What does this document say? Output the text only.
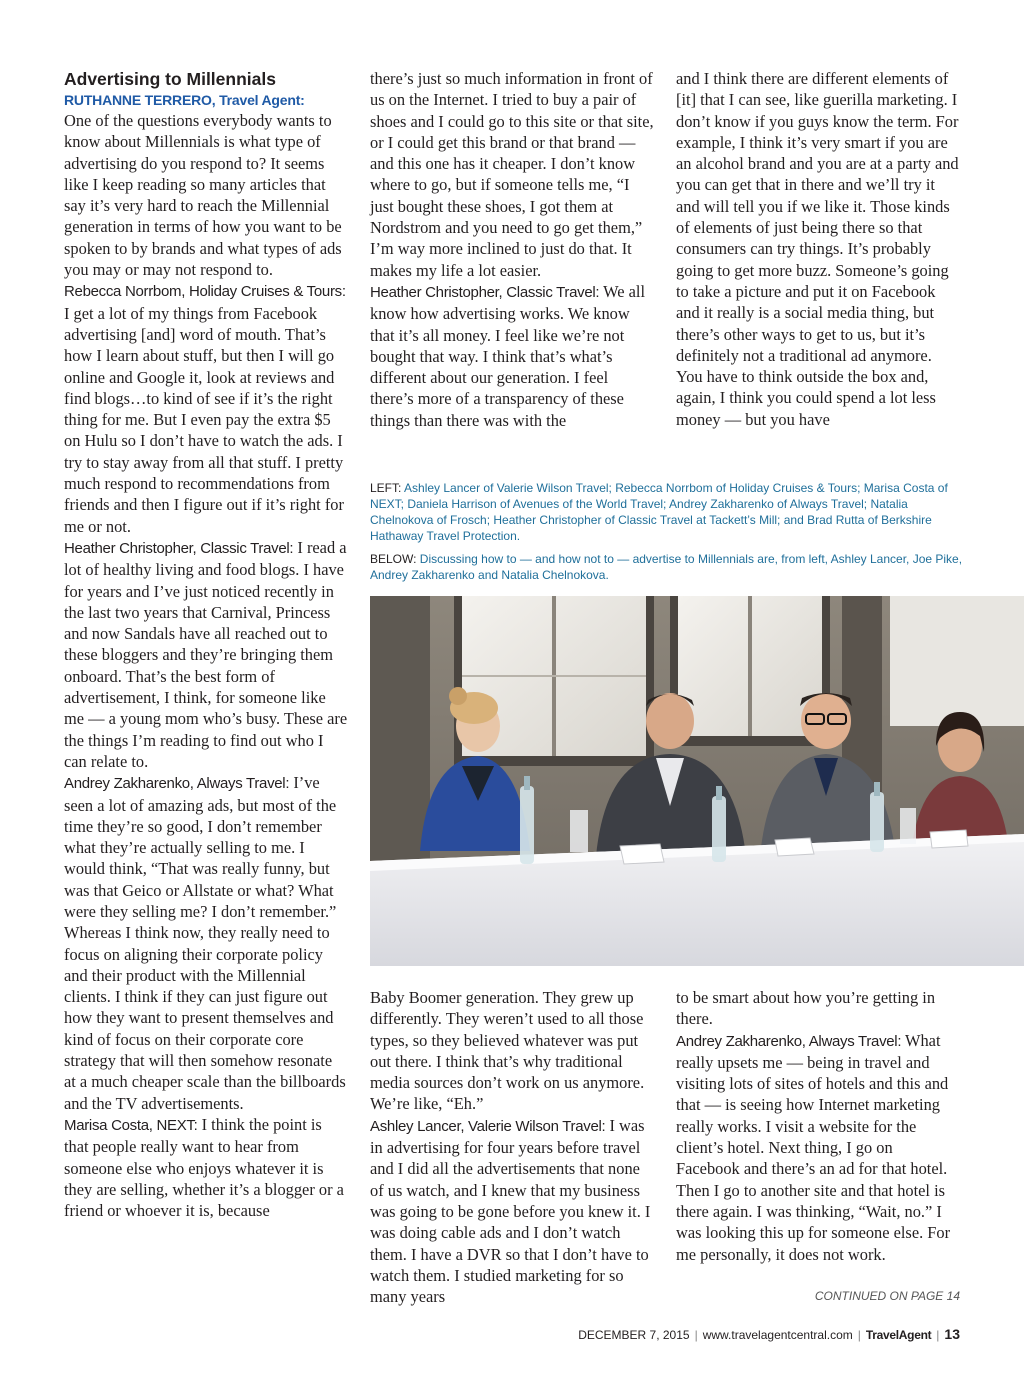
Advertising to Millennials
RUTHANNE TERRERO, Travel Agent:

One of the questions everybody wants to know about Millennials is what type of advertising do you respond to? It seems like I keep reading so many articles that say it’s very hard to reach the Millennial generation in terms of how you want to be spoken to by brands and what types of ads you may or may not respond to.

Rebecca Norrbom, Holiday Cruises & Tours: I get a lot of my things from Facebook advertising [and] word of mouth. That’s how I learn about stuff, but then I will go online and Google it, look at reviews and find blogs…to kind of see if it’s the right thing for me. But I even pay the extra $5 on Hulu so I don’t have to watch the ads. I try to stay away from all that stuff. I pretty much respond to recommendations from friends and then I figure out if it’s right for me or not.

Heather Christopher, Classic Travel: I read a lot of healthy living and food blogs. I have for years and I’ve just noticed recently in the last two years that Carnival, Princess and now Sandals have all reached out to these bloggers and they’re bringing them onboard. That’s the best form of advertisement, I think, for someone like me — a young mom who’s busy. These are the things I’m reading to find out who I can relate to.

Andrey Zakharenko, Always Travel: I’ve seen a lot of amazing ads, but most of the time they’re so good, I don’t remember what they’re actually selling to me. I would think, “That was really funny, but was that Geico or Allstate or what? What were they selling me? I don’t remember.” Whereas I think now, they really need to focus on aligning their corporate policy and their product with the Millennial clients. I think if they can just figure out how they want to present themselves and kind of focus on their corporate core strategy that will then somehow resonate at a much cheaper scale than the billboards and the TV advertisements.

Marisa Costa, NEXT: I think the point is that people really want to hear from someone else who enjoys whatever it is they are selling, whether it’s a blogger or a friend or whoever it is, because

there’s just so much information in front of us on the Internet. I tried to buy a pair of shoes and I could go to this site or that site, or I could get this brand or that brand — and this one has it cheaper. I don’t know where to go, but if someone tells me, “I just bought these shoes, I got them at Nordstrom and you need to go get them,” I’m way more inclined to just do that. It makes my life a lot easier.

Heather Christopher, Classic Travel: We all know how advertising works. We know that it’s all money. I feel like we’re not bought that way. I think that’s what’s different about our generation. I feel there’s more of a transparency of these things than there was with the

and I think there are different elements of [it] that I can see, like guerilla marketing. I don’t know if you guys know the term. For example, I think it’s very smart if you are an alcohol brand and you are at a party and you can get that in there and we’ll try it and will tell you if we like it. Those kinds of elements of just being there so that consumers can try things. It’s probably going to get more buzz. Someone’s going to take a picture and put it on Facebook and it really is a social media thing, but there’s other ways to get to us, but it’s definitely not a traditional ad anymore. You have to think outside the box and, again, I think you could spend a lot less money — but you have

LEFT: Ashley Lancer of Valerie Wilson Travel; Rebecca Norrbom of Holiday Cruises & Tours; Marisa Costa of NEXT; Daniela Harrison of Avenues of the World Travel; Andrey Zakharenko of Always Travel; Natalia Chelnokova of Frosch; Heather Christopher of Classic Travel at Tackett’s Mill; and Brad Rutta of Berkshire Hathaway Travel Protection.

BELOW: Discussing how to — and how not to — advertise to Millennials are, from left, Ashley Lancer, Joe Pike, Andrey Zakharenko and Natalia Chelnokova.

Baby Boomer generation. They grew up differently. They weren’t used to all those types, so they believed whatever was put out there. I think that’s why traditional media sources don’t work on us anymore. We’re like, “Eh.”

Ashley Lancer, Valerie Wilson Travel: I was in advertising for four years before travel and I did all the advertisements that none of us watch, and I knew that my business was going to be gone before you knew it. I was doing cable ads and I don’t watch them. I have a DVR so that I don’t have to watch them. I studied marketing for so many years

to be smart about how you’re getting in there.

Andrey Zakharenko, Always Travel: What really upsets me — being in travel and visiting lots of sites of hotels and this and that — is seeing how Internet marketing really works. I visit a website for the client’s hotel. Next thing, I go on Facebook and there’s an ad for that hotel. Then I go to another site and that hotel is there again. I was thinking, “Wait, no.” I was looking this up for someone else. For me personally, it does not work.

CONTINUED ON PAGE 14
DECEMBER 7, 2015 | www.travelagentcentral.com | TravelAgent | 13
